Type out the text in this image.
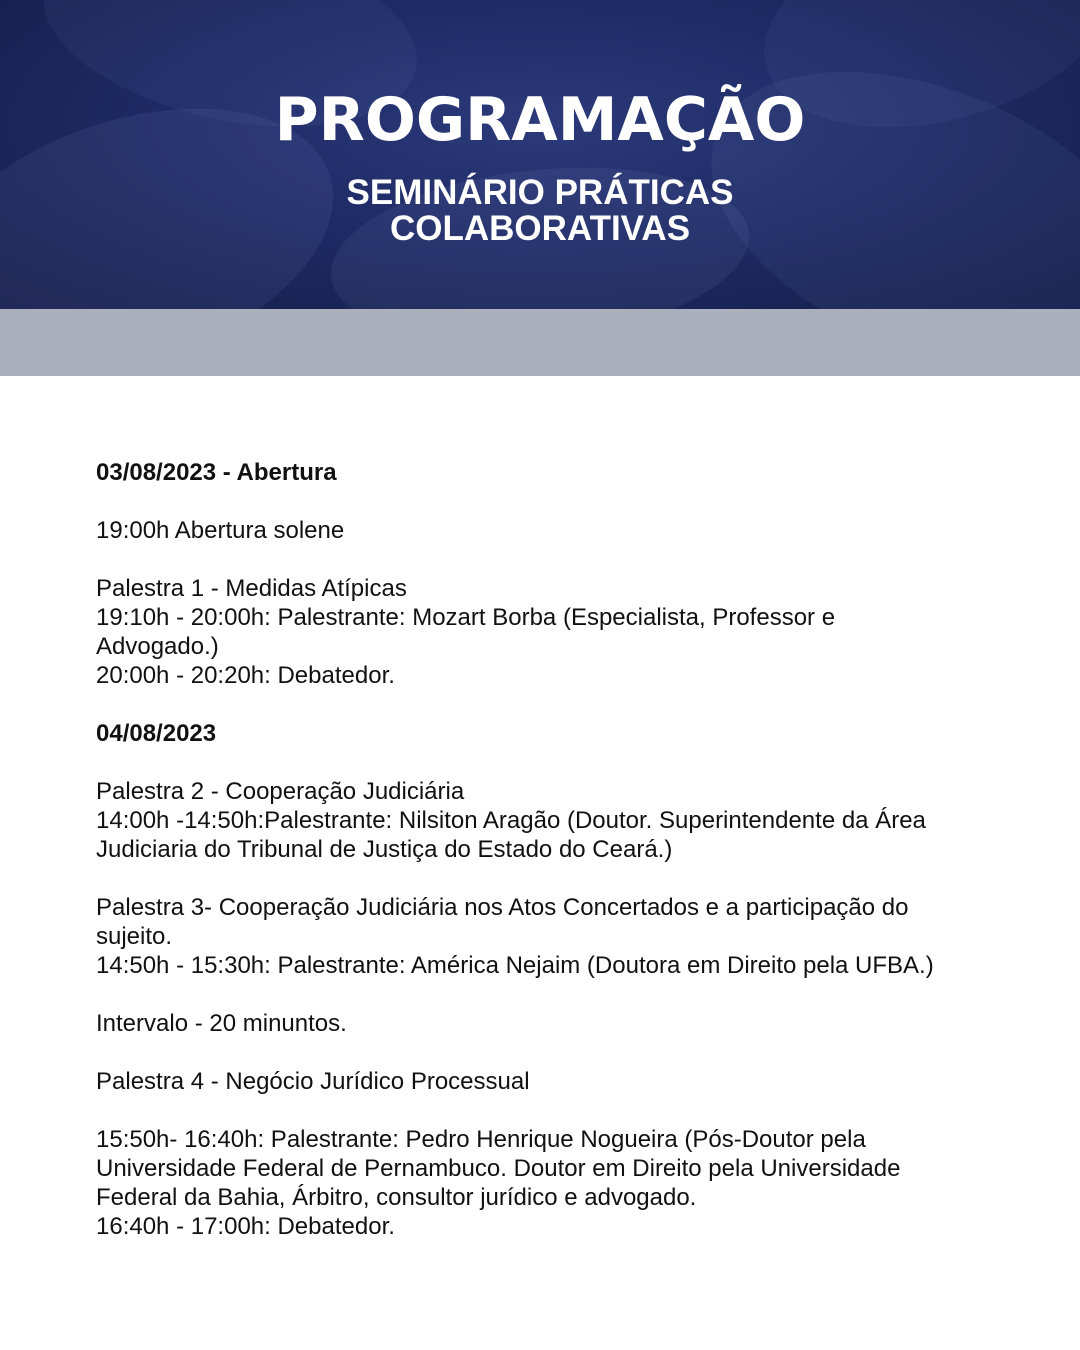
PROGRAMAÇÃO
SEMINÁRIO PRÁTICAS
COLABORATIVAS
03/08/2023 - Abertura
19:00h Abertura solene
Palestra 1 - Medidas Atípicas
19:10h - 20:00h: Palestrante: Mozart Borba (Especialista, Professor e
Advogado.)
20:00h - 20:20h: Debatedor.
04/08/2023
Palestra 2 - Cooperação Judiciária
14:00h -14:50h:Palestrante: Nilsiton Aragão (Doutor. Superintendente da Área
Judiciaria do Tribunal de Justiça do Estado do Ceará.)
Palestra 3- Cooperação Judiciária nos Atos Concertados e a participação do
sujeito.
14:50h - 15:30h: Palestrante: América Nejaim (Doutora em Direito pela UFBA.)
Intervalo - 20 minuntos.
Palestra 4 - Negócio Jurídico Processual
15:50h- 16:40h: Palestrante: Pedro Henrique Nogueira (Pós-Doutor pela
Universidade Federal de Pernambuco. Doutor em Direito pela Universidade
Federal da Bahia, Árbitro, consultor jurídico e advogado.
16:40h - 17:00h: Debatedor.
